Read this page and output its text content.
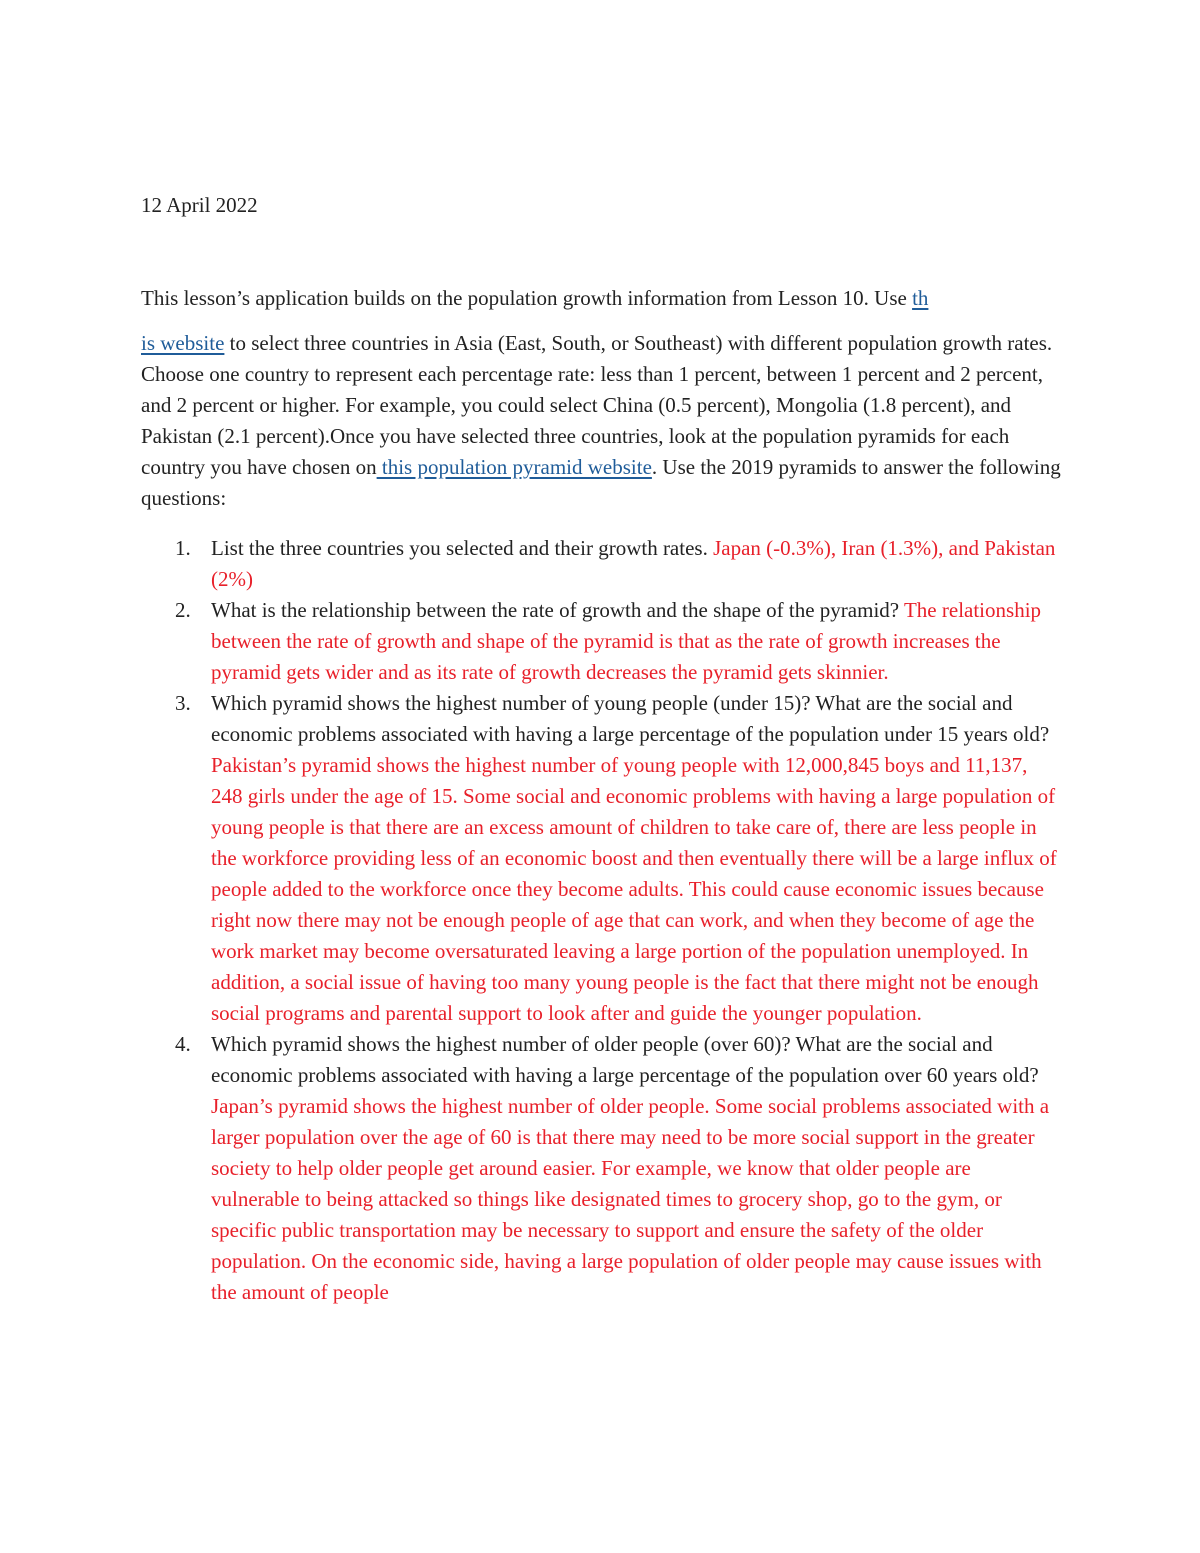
12 April 2022

This lesson’s application builds on the population growth information from Lesson 10. Use th
is website to select three countries in Asia (East, South, or Southeast) with different population growth rates. Choose one country to represent each percentage rate: less than 1 percent, between 1 percent and 2 percent, and 2 percent or higher. For example, you could select China (0.5 percent), Mongolia (1.8 percent), and Pakistan (2.1 percent).Once you have selected three countries, look at the population pyramids for each country you have chosen on this population pyramid website. Use the 2019 pyramids to answer the following questions:

1. List the three countries you selected and their growth rates. Japan (-0.3%), Iran (1.3%), and Pakistan (2%)
2. What is the relationship between the rate of growth and the shape of the pyramid? The relationship between the rate of growth and shape of the pyramid is that as the rate of growth increases the pyramid gets wider and as its rate of growth decreases the pyramid gets skinnier.
3. Which pyramid shows the highest number of young people (under 15)? What are the social and economic problems associated with having a large percentage of the population under 15 years old? Pakistan’s pyramid shows the highest number of young people with 12,000,845 boys and 11,137, 248 girls under the age of 15. Some social and economic problems with having a large population of young people is that there are an excess amount of children to take care of, there are less people in the workforce providing less of an economic boost and then eventually there will be a large influx of people added to the workforce once they become adults. This could cause economic issues because right now there may not be enough people of age that can work, and when they become of age the work market may become oversaturated leaving a large portion of the population unemployed. In addition, a social issue of having too many young people is the fact that there might not be enough social programs and parental support to look after and guide the younger population.
4. Which pyramid shows the highest number of older people (over 60)? What are the social and economic problems associated with having a large percentage of the population over 60 years old? Japan’s pyramid shows the highest number of older people. Some social problems associated with a larger population over the age of 60 is that there may need to be more social support in the greater society to help older people get around easier. For example, we know that older people are vulnerable to being attacked so things like designated times to grocery shop, go to the gym, or specific public transportation may be necessary to support and ensure the safety of the older population. On the economic side, having a large population of older people may cause issues with the amount of people
